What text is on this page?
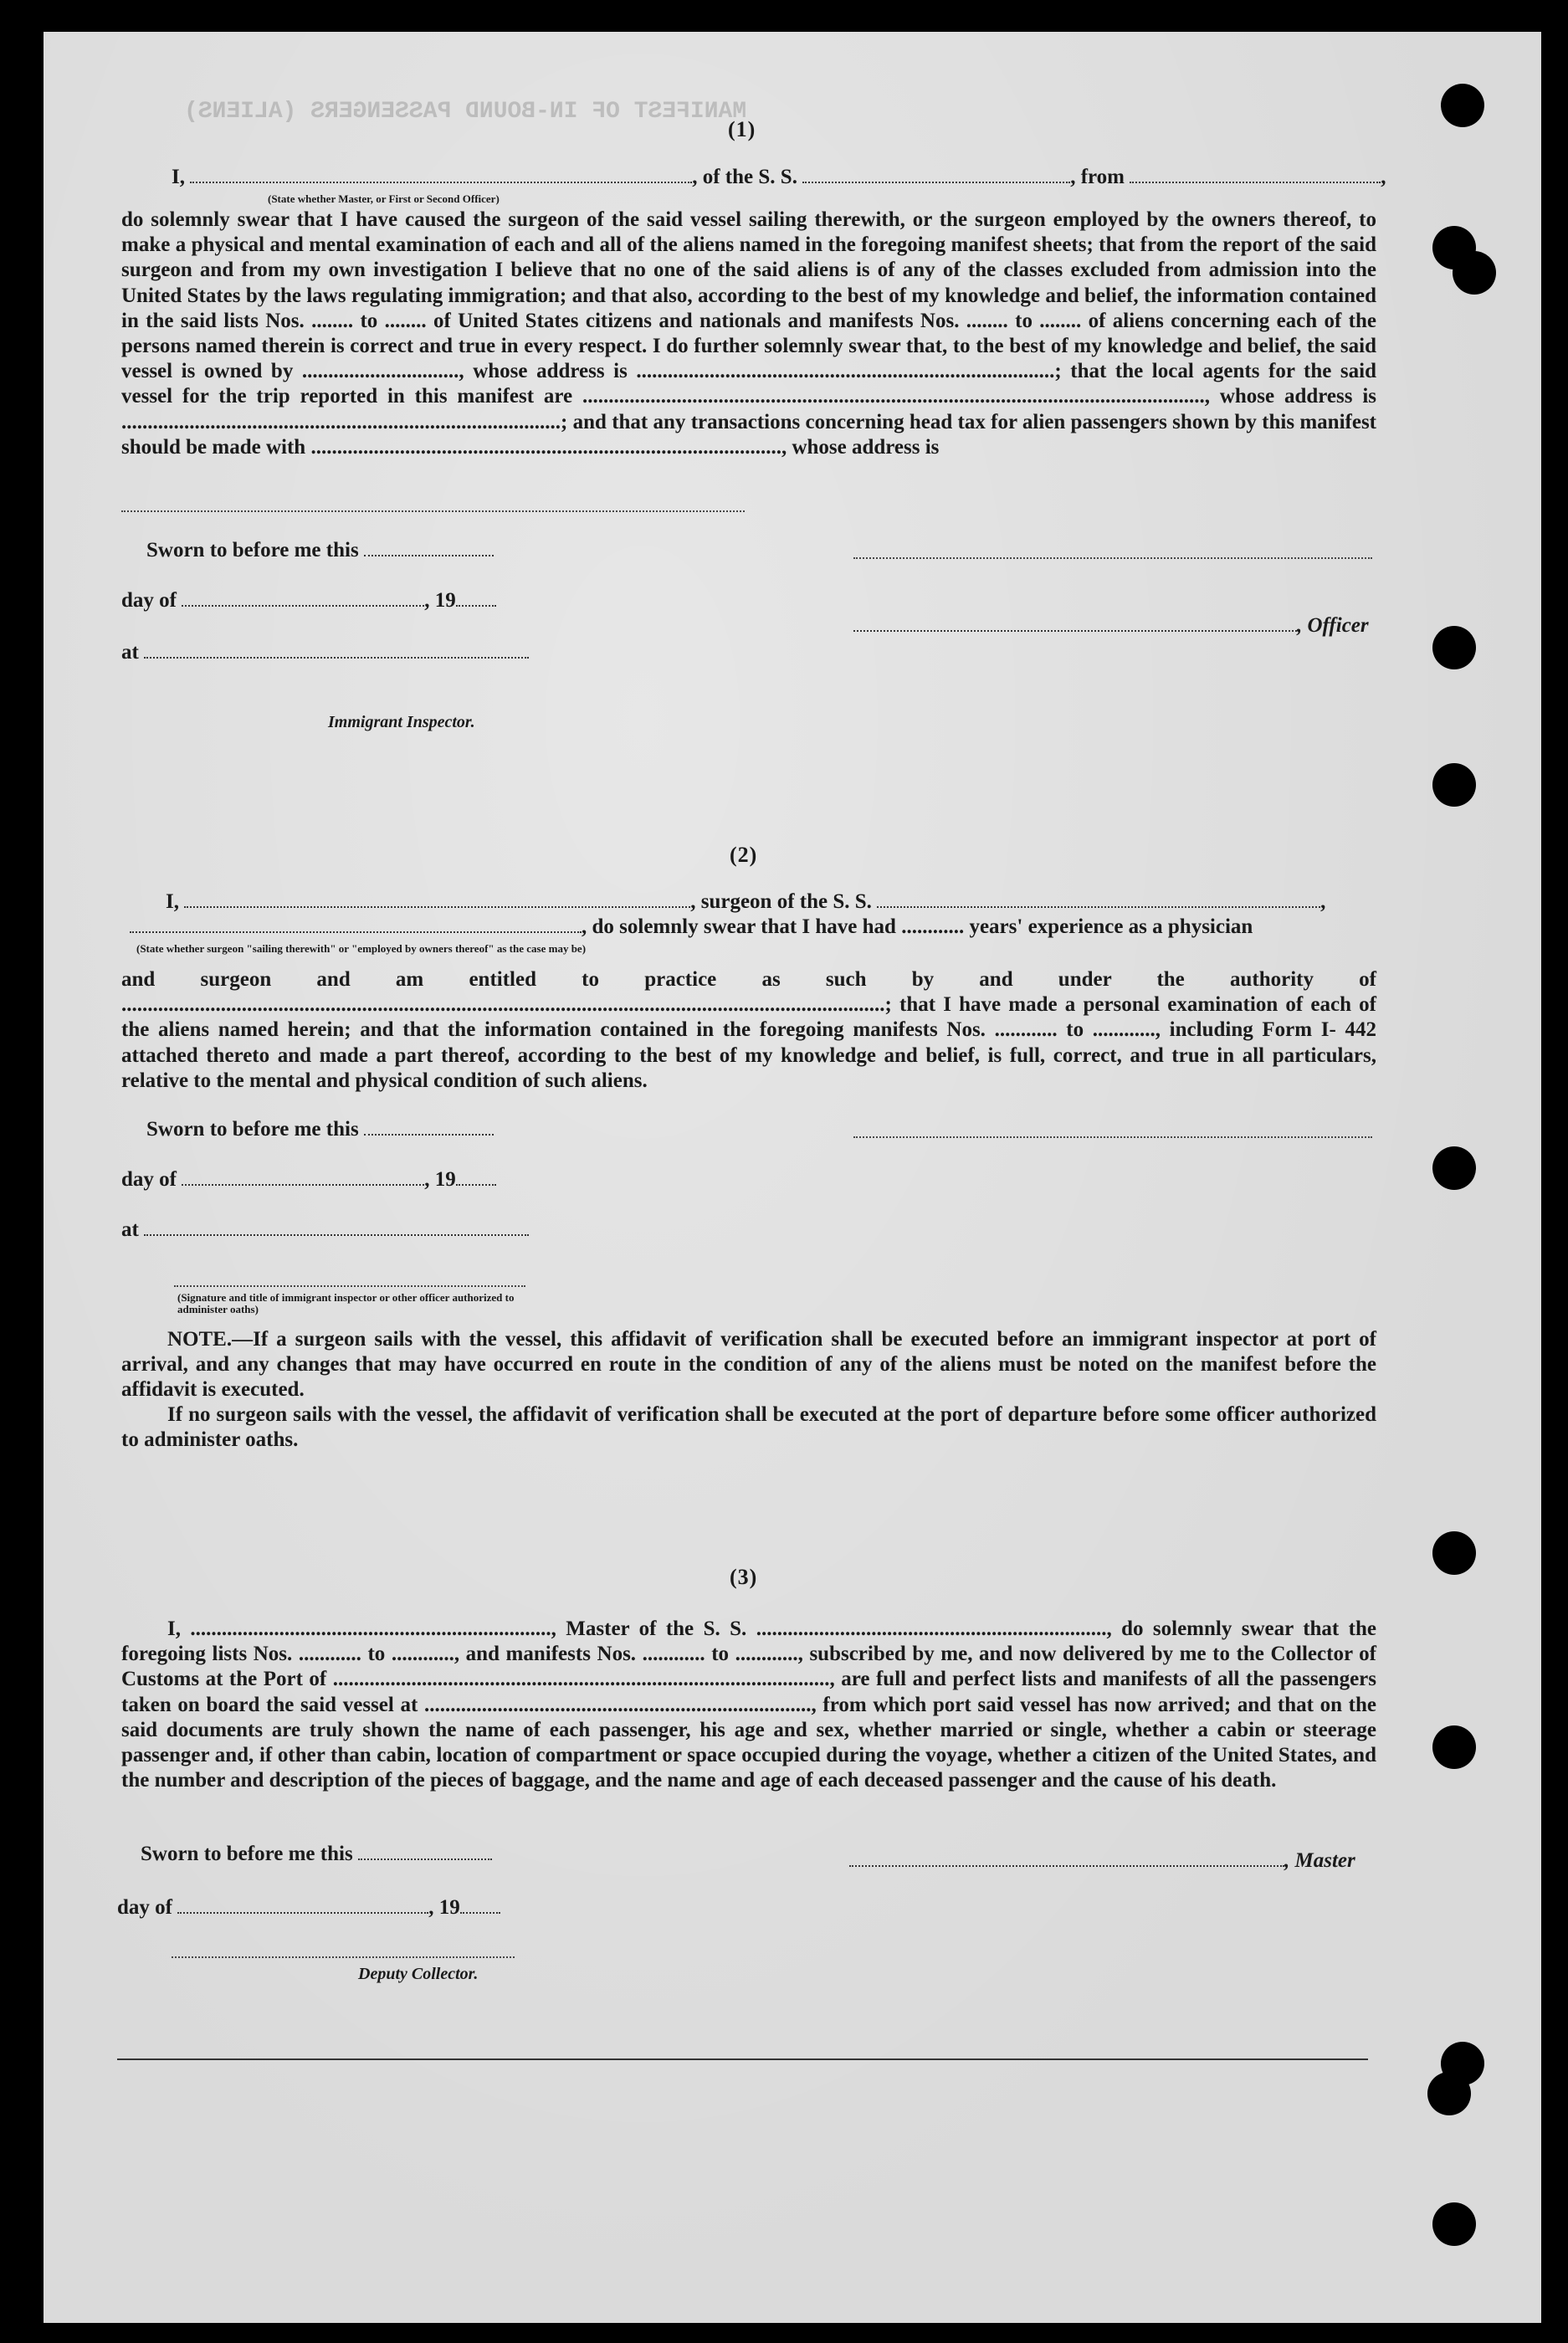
MANIFEST OF IN-BOUND PASSENGERS (ALIENS)
(1)
I,	, of the S. S.	, from	,
(State whether Master, or First or Second Officer)
do solemnly swear that I have caused the surgeon of the said vessel sailing therewith, or the surgeon employed by the owners thereof, to make a physical and mental examination of each and all of the aliens named in the foregoing manifest sheets; that from the report of the said surgeon and from my own investigation I believe that no one of the said aliens is of any of the classes excluded from admission into the United States by the laws regulating immigration; and that also, according to the best of my knowledge and belief, the information contained in the said lists Nos. ........ to ........ of United States citizens and nationals and manifests Nos. ........ to ........ of aliens concerning each of the persons named therein is correct and true in every respect. I do further solemnly swear that, to the best of my knowledge and belief, the said vessel is owned by .............................., whose address is ................................................................................; that the local agents for the said vessel for the trip reported in this manifest are ......................................................................................................................., whose address is ....................................................................................; and that any transactions concerning head tax for alien passengers shown by this manifest should be made with .........................................................................................., whose address is
Sworn to before me this
day of	, 19
, Officer
at
Immigrant Inspector.
(2)
I,	, surgeon of the S. S.	,
, do solemnly swear that I have had ............ years' experience as a physician
(State whether surgeon "sailing therewith" or "employed by owners thereof" as the case may be)
and surgeon and am entitled to practice as such by and under the authority of ..................................................................................................................................................; that I have made a personal examination of each of the aliens named herein; and that the information contained in the foregoing manifests Nos. ............ to ............, including Form I- 442 attached thereto and made a part thereof, according to the best of my knowledge and belief, is full, correct, and true in all particulars, relative to the mental and physical condition of such aliens.
Sworn to before me this
day of	, 19
at
(Signature and title of immigrant inspector or other officer authorized to administer oaths)
NOTE.—If a surgeon sails with the vessel, this affidavit of verification shall be executed before an immigrant inspector at port of arrival, and any changes that may have occurred en route in the condition of any of the aliens must be noted on the manifest before the affidavit is executed.
If no surgeon sails with the vessel, the affidavit of verification shall be executed at the port of departure before some officer authorized to administer oaths.
(3)
I, ....................................................................., Master of the S. S. ..................................................................., do solemnly swear that the foregoing lists Nos. ............ to ............, and manifests Nos. ............ to ............, subscribed by me, and now delivered by me to the Collector of Customs at the Port of ..............................................................................................., are full and perfect lists and manifests of all the passengers taken on board the said vessel at .........................................................................., from which port said vessel has now arrived; and that on the said documents are truly shown the name of each passenger, his age and sex, whether married or single, whether a cabin or steerage passenger and, if other than cabin, location of compartment or space occupied during the voyage, whether a citizen of the United States, and the number and description of the pieces of baggage, and the name and age of each deceased passenger and the cause of his death.
Sworn to before me this	, Master
day of	, 19
Deputy Collector.
